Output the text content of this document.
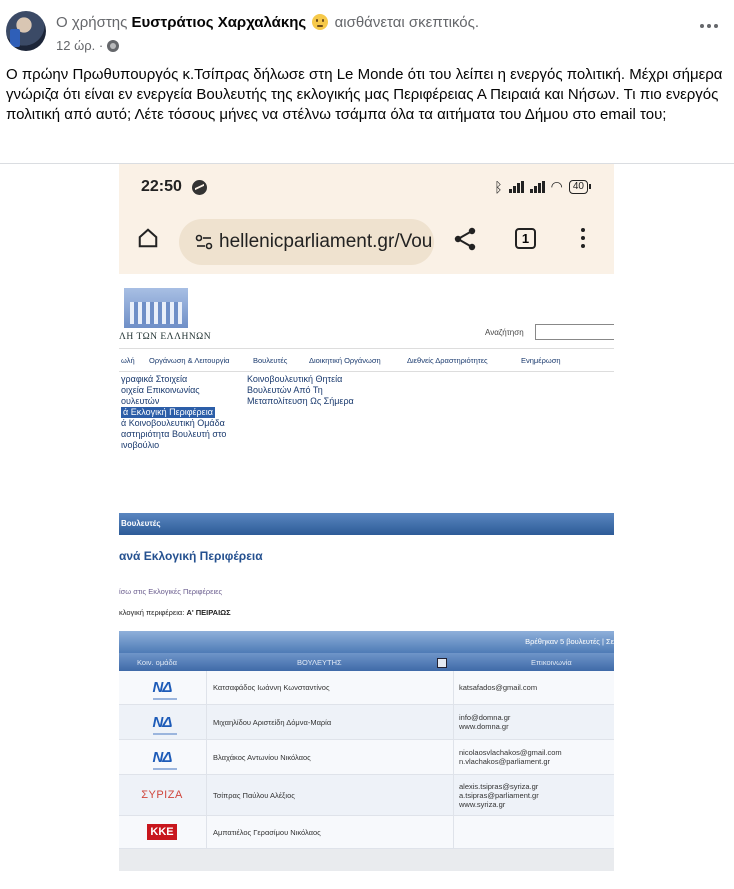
Ο χρήστης Ευστράτιος Χαρχαλάκης αισθάνεται σκεπτικός.
12 ώρ. ·
Ο πρώην Πρωθυπουργός κ.Τσίπρας δήλωσε στη Le Monde ότι του λείπει η ενεργός πολιτική. Μέχρι σήμερα γνώριζα ότι είναι εν ενεργεία Βουλευτής της εκλογικής μας Περιφέρειας Α Πειραιά και Νήσων. Τι πιο ενεργός πολιτική από αυτό; Λέτε τόσους μήνες να στέλνω τσάμπα όλα τα αιτήματα του Δήμου στο email του;
22:50	ᛒ	◠	40
hellenicparliament.gr/Vou	1
ΛΗ ΤΩΝ ΕΛΛΗΝΩΝ	Αναζήτηση
ωλή Οργάνωση & Λειτουργία	Βουλευτές	Διοικητική Οργάνωση	Διεθνείς Δραστηριότητες	Ενημέρωση
γραφικά Στοιχεία
οιχεία Επικοινωνίας
ουλευτών
ά Εκλογική Περιφέρεια
ά Κοινοβουλευτική Ομάδα
αστηριότητα Βουλευτή στο
ινοβούλιο
Κοινοβουλευτική Θητεία
Βουλευτών Από Τη
Μεταπολίτευση Ως Σήμερα
Βουλευτές
ανά Εκλογική Περιφέρεια
ίσω στις Εκλογικές Περιφέρειες
κλογική περιφέρεια: Α' ΠΕΙΡΑΙΩΣ
Βρέθηκαν 5 βουλευτές | Σε
Κοιν. ομάδα	ΒΟΥΛΕΥΤΗΣ	Επικοινωνία
ΝΔ	Κατσαφάδος Ιωάννη Κωνσταντίνος	katsafados@gmail.com
ΝΔ	Μιχαηλίδου Αριστείδη Δόμνα-Μαρία	info@domna.gr
www.domna.gr
ΝΔ	Βλαχάκος Αντωνίου Νικόλαος	nicolaosvlachakos@gmail.com
n.vlachakos@parliament.gr
ΣΥΡΙΖΑ	Τσίπρας Παύλου Αλέξιος
alexis.tsipras@syriza.gr
a.tsipras@parliament.gr
www.syriza.gr
ΚΚΕ	Αμπατιέλος Γερασίμου Νικόλαος
